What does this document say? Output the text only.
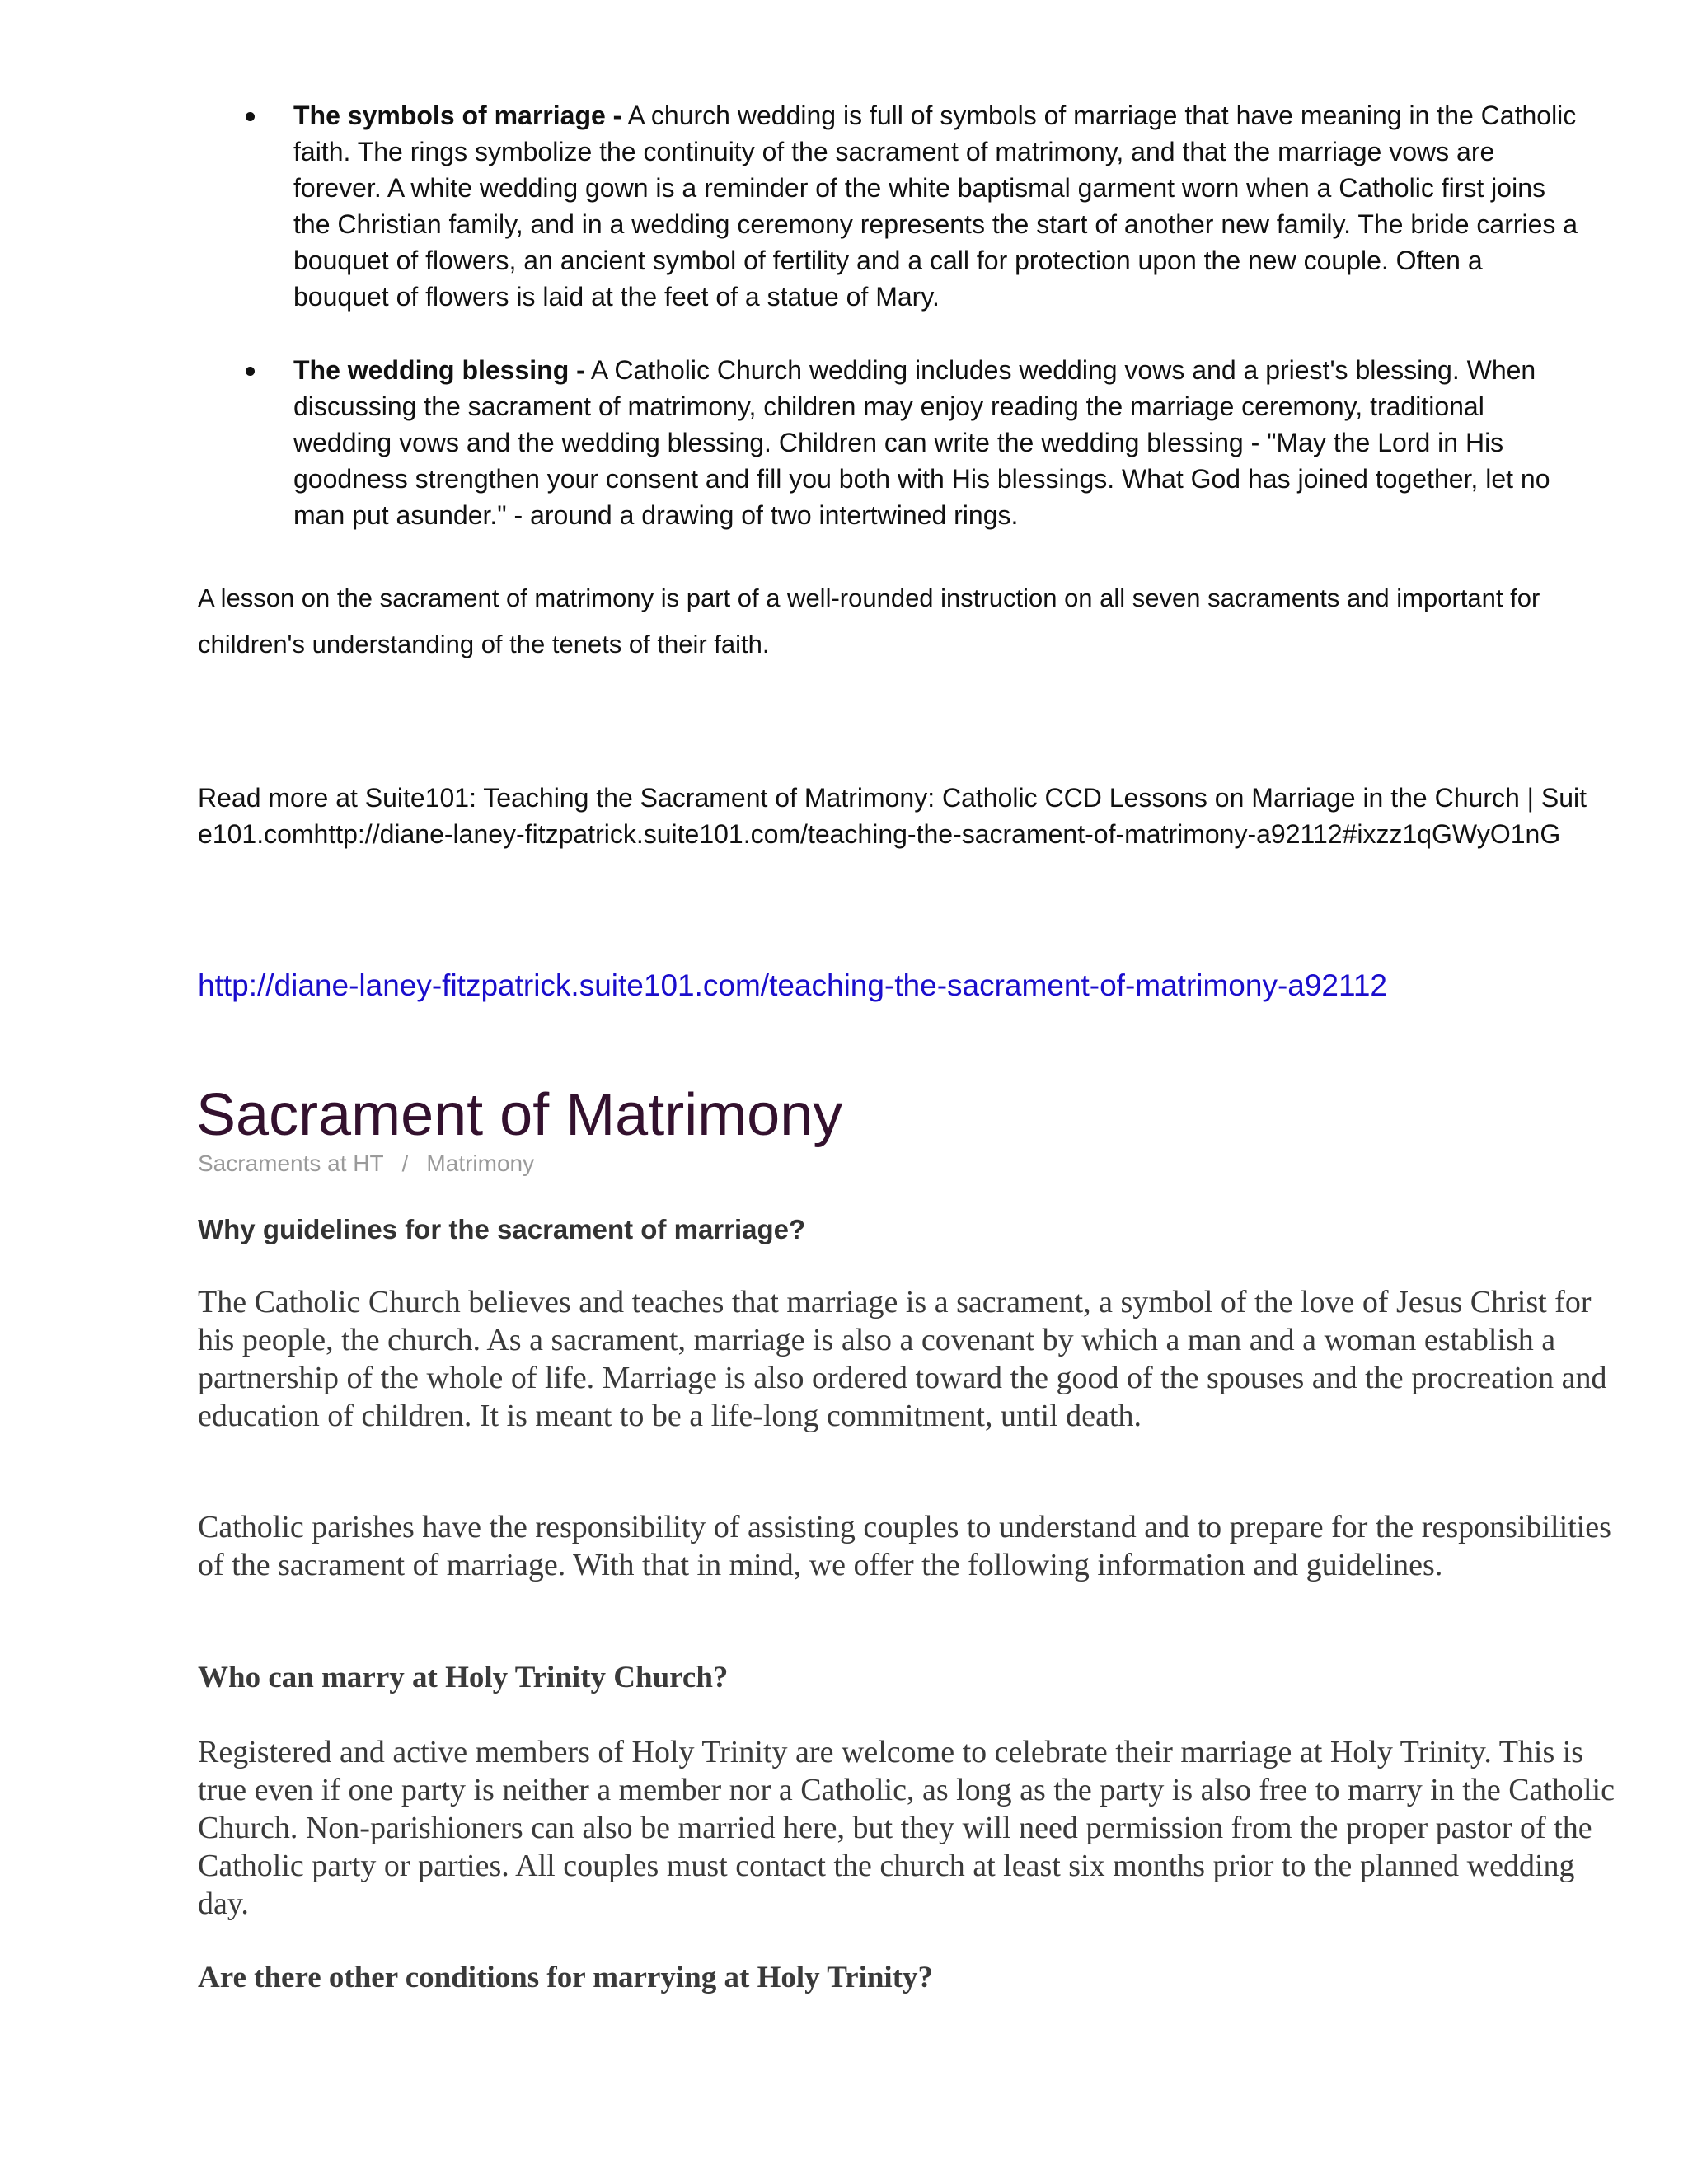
The symbols of marriage - A church wedding is full of symbols of marriage that have meaning in the Catholic faith. The rings symbolize the continuity of the sacrament of matrimony, and that the marriage vows are forever. A white wedding gown is a reminder of the white baptismal garment worn when a Catholic first joins the Christian family, and in a wedding ceremony represents the start of another new family. The bride carries a bouquet of flowers, an ancient symbol of fertility and a call for protection upon the new couple. Often a bouquet of flowers is laid at the feet of a statue of Mary.
The wedding blessing - A Catholic Church wedding includes wedding vows and a priest's blessing. When discussing the sacrament of matrimony, children may enjoy reading the marriage ceremony, traditional wedding vows and the wedding blessing. Children can write the wedding blessing - "May the Lord in His goodness strengthen your consent and fill you both with His blessings. What God has joined together, let no man put asunder." - around a drawing of two intertwined rings.

A lesson on the sacrament of matrimony is part of a well-rounded instruction on all seven sacraments and important for children's understanding of the tenets of their faith.

Read more at Suite101: Teaching the Sacrament of Matrimony: Catholic CCD Lessons on Marriage in the Church | Suite101.comhttp://diane-laney-fitzpatrick.suite101.com/teaching-the-sacrament-of-matrimony-a92112#ixzz1qGWyO1nG

http://diane-laney-fitzpatrick.suite101.com/teaching-the-sacrament-of-matrimony-a92112
Sacrament of Matrimony
Sacraments at HT / Matrimony
Why guidelines for the sacrament of marriage?

The Catholic Church believes and teaches that marriage is a sacrament, a symbol of the love of Jesus Christ for his people, the church. As a sacrament, marriage is also a covenant by which a man and a woman establish a partnership of the whole of life. Marriage is also ordered toward the good of the spouses and the procreation and education of children. It is meant to be a life-long commitment, until death.

Catholic parishes have the responsibility of assisting couples to understand and to prepare for the responsibilities of the sacrament of marriage. With that in mind, we offer the following information and guidelines.

Who can marry at Holy Trinity Church?

Registered and active members of Holy Trinity are welcome to celebrate their marriage at Holy Trinity. This is true even if one party is neither a member nor a Catholic, as long as the party is also free to marry in the Catholic Church. Non-parishioners can also be married here, but they will need permission from the proper pastor of the Catholic party or parties. All couples must contact the church at least six months prior to the planned wedding day.

Are there other conditions for marrying at Holy Trinity?
